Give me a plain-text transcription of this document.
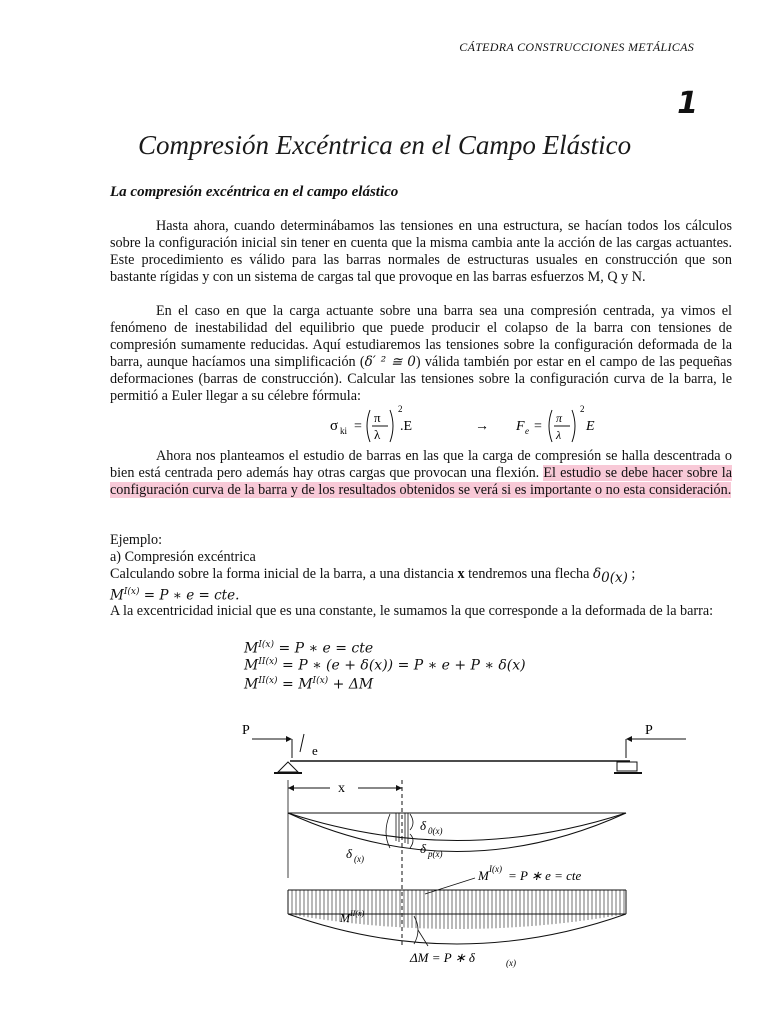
CÁTEDRA CONSTRUCCIONES METÁLICAS
1
Compresión Excéntrica en el Campo Elástico
La compresión excéntrica en el campo elástico
Hasta ahora, cuando determinábamos las tensiones en una estructura, se hacían todos los cálculos sobre la configuración inicial sin tener en cuenta que la misma cambia ante la acción de las cargas actuantes. Este procedimiento es válido para las barras normales de estructuras usuales en construcción que son bastante rígidas y con un sistema de cargas tal que provoque en las barras esfuerzos M, Q y N.
En el caso en que la carga actuante sobre una barra sea una compresión centrada, ya vimos el fenómeno de inestabilidad del equilibrio que puede producir el colapso de la barra con tensiones de compresión sumamente reducidas. Aquí estudiaremos las tensiones sobre la configuración deformada de la barra, aunque hacíamos una simplificación (δ′ ² ≅ 0) válida también por estar en el campo de las pequeñas deformaciones (barras de construcción). Calcular las tensiones sobre la configuración curva de la barra, le permitió a Euler llegar a su célebre fórmula:
σ ki =
π
λ
2
.E	→ F e =
π
λ
2
E
Ahora nos planteamos el estudio de barras en las que la carga de compresión se halla descentrada o bien está centrada pero además hay otras cargas que provocan una flexión. El estudio se debe hacer sobre la configuración curva de la barra y de los resultados obtenidos se verá si es importante o no esta consideración.
Ejemplo:
a) Compresión excéntrica
Calculando sobre la forma inicial de la barra, a una distancia x tendremos una flecha $\delta_{0(x)}$ ;
$M^{I(x)} = P$ ∗ e = cte.
A la excentricidad inicial que es una constante, le sumamos la que corresponde a la deformada de la barra:
$M^{I(x)} = P$ ∗ e = cte
$M^{II(x)} = P$ ∗ (e + δ(x)) = P ∗ e + P ∗ δ(x)
$M^{II(x)} = M^{I(x)} + \Delta M$
P	P
e
x
δ 0(x)
δ p(x)
δ (x)
M I(x) = P ∗ e = cte
M II(x)
ΔM = P ∗ δ	(x)
